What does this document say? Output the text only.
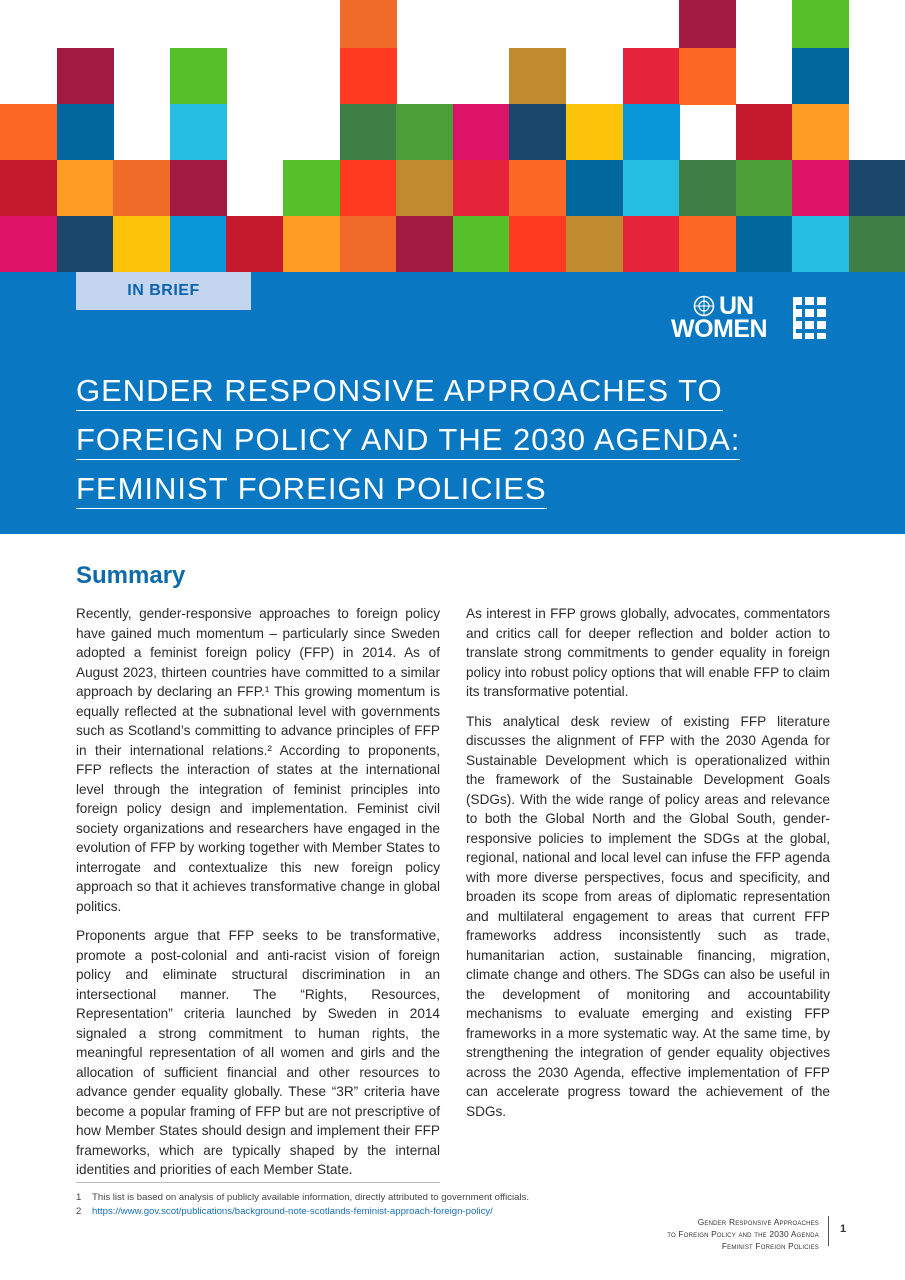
IN BRIEF
UN
WOMEN
GENDER RESPONSIVE APPROACHES TO
FOREIGN POLICY AND THE 2030 AGENDA:
FEMINIST FOREIGN POLICIES
Summary

Recently, gender-responsive approaches to foreign policy have gained much momentum – particularly since Sweden adopted a feminist foreign policy (FFP) in 2014. As of August 2023, thirteen countries have committed to a similar approach by declaring an FFP.¹ This growing momentum is equally reflected at the subnational level with governments such as Scotland’s committing to advance principles of FFP in their international relations.² According to proponents, FFP reflects the interaction of states at the international level through the integration of feminist principles into foreign policy design and implementation. Feminist civil society organizations and researchers have engaged in the evolution of FFP by working together with Member States to interrogate and contextualize this new foreign policy approach so that it achieves transformative change in global politics.

Proponents argue that FFP seeks to be transformative, promote a post-colonial and anti-racist vision of foreign policy and eliminate structural discrimination in an intersectional manner. The “Rights, Resources, Representation” criteria launched by Sweden in 2014 signaled a strong commitment to human rights, the meaningful representation of all women and girls and the allocation of sufficient financial and other resources to advance gender equality globally. These “3R” criteria have become a popular framing of FFP but are not prescriptive of how Member States should design and implement their FFP frameworks, which are typically shaped by the internal identities and priorities of each Member State.

As interest in FFP grows globally, advocates, commentators and critics call for deeper reflection and bolder action to translate strong commitments to gender equality in foreign policy into robust policy options that will enable FFP to claim its transformative potential.

This analytical desk review of existing FFP literature discusses the alignment of FFP with the 2030 Agenda for Sustainable Development which is operationalized within the framework of the Sustainable Development Goals (SDGs). With the wide range of policy areas and relevance to both the Global North and the Global South, gender-responsive policies to implement the SDGs at the global, regional, national and local level can infuse the FFP agenda with more diverse perspectives, focus and specificity, and broaden its scope from areas of diplomatic representation and multilateral engagement to areas that current FFP frameworks address inconsistently such as trade, humanitarian action, sustainable financing, migration, climate change and others. The SDGs can also be useful in the development of monitoring and accountability mechanisms to evaluate emerging and existing FFP frameworks in a more systematic way. At the same time, by strengthening the integration of gender equality objectives across the 2030 Agenda, effective implementation of FFP can accelerate progress toward the achievement of the SDGs.

1 This list is based on analysis of publicly available information, directly attributed to government officials.
2 https://www.gov.scot/publications/background-note-scotlands-feminist-approach-foreign-policy/
Gender Responsive Approaches
to Foreign Policy and the 2030 Agenda
Feminist Foreign Policies
1
